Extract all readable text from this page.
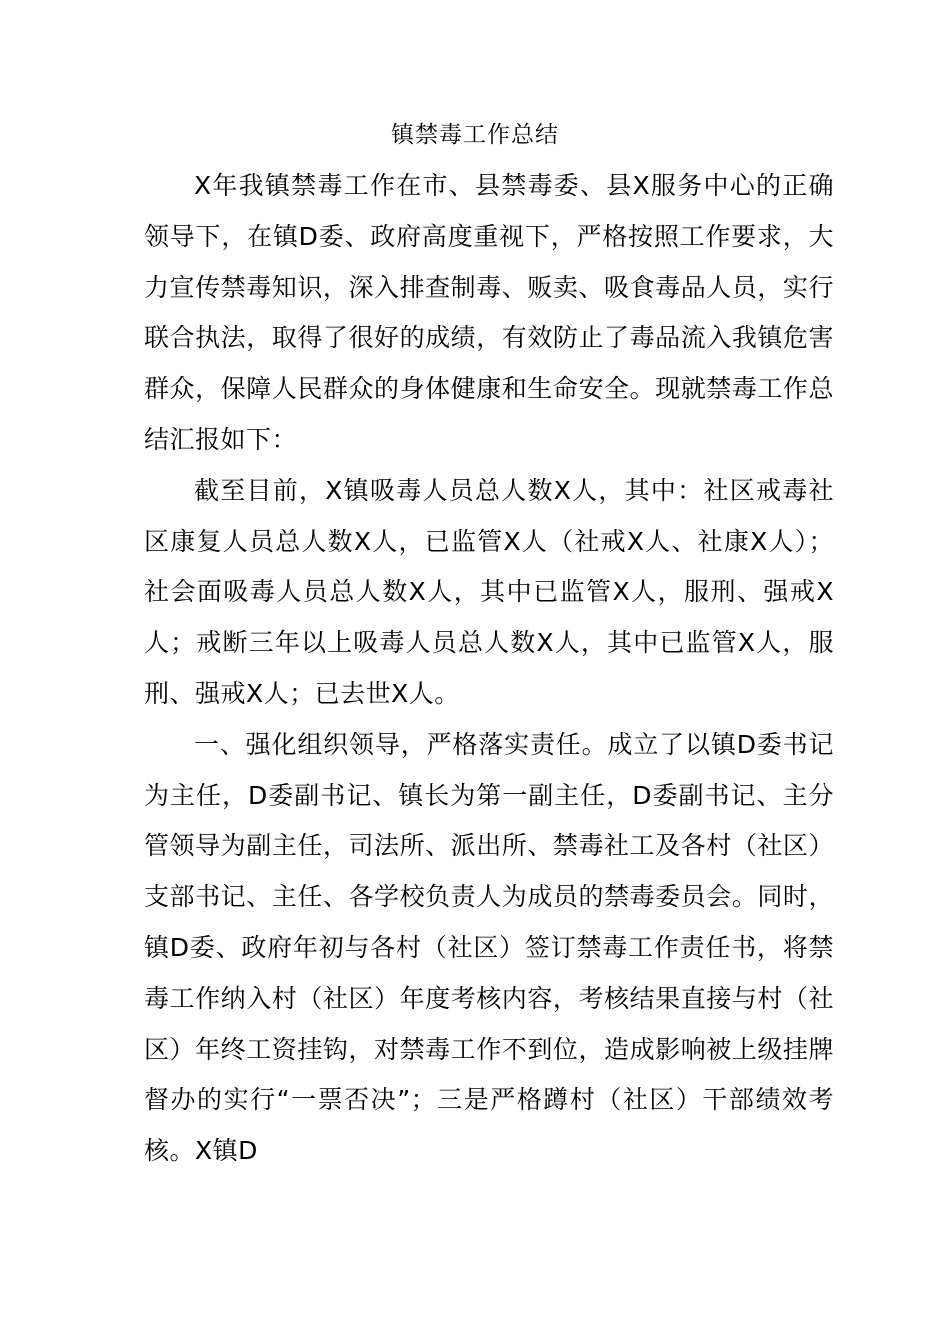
镇禁毒工作总结

X年我镇禁毒工作在市、县禁毒委、县X服务中心的正确领导下，在镇D委、政府高度重视下，严格按照工作要求，大力宣传禁毒知识，深入排查制毒、贩卖、吸食毒品人员，实行联合执法，取得了很好的成绩，有效防止了毒品流入我镇危害群众，保障人民群众的身体健康和生命安全。现就禁毒工作总结汇报如下：

截至目前，X镇吸毒人员总人数X人，其中：社区戒毒社区康复人员总人数X人，已监管X人（社戒X人、社康X人）；社会面吸毒人员总人数X人，其中已监管X人，服刑、强戒X人；戒断三年以上吸毒人员总人数X人，其中已监管X人，服刑、强戒X人；已去世X人。

一、强化组织领导，严格落实责任。成立了以镇D委书记为主任，D委副书记、镇长为第一副主任，D委副书记、主分管领导为副主任，司法所、派出所、禁毒社工及各村（社区）支部书记、主任、各学校负责人为成员的禁毒委员会。同时，镇D委、政府年初与各村（社区）签订禁毒工作责任书，将禁毒工作纳入村（社区）年度考核内容，考核结果直接与村（社区）年终工资挂钩，对禁毒工作不到位，造成影响被上级挂牌督办的实行“一票否决”；三是严格蹲村（社区）干部绩效考核。X镇D
